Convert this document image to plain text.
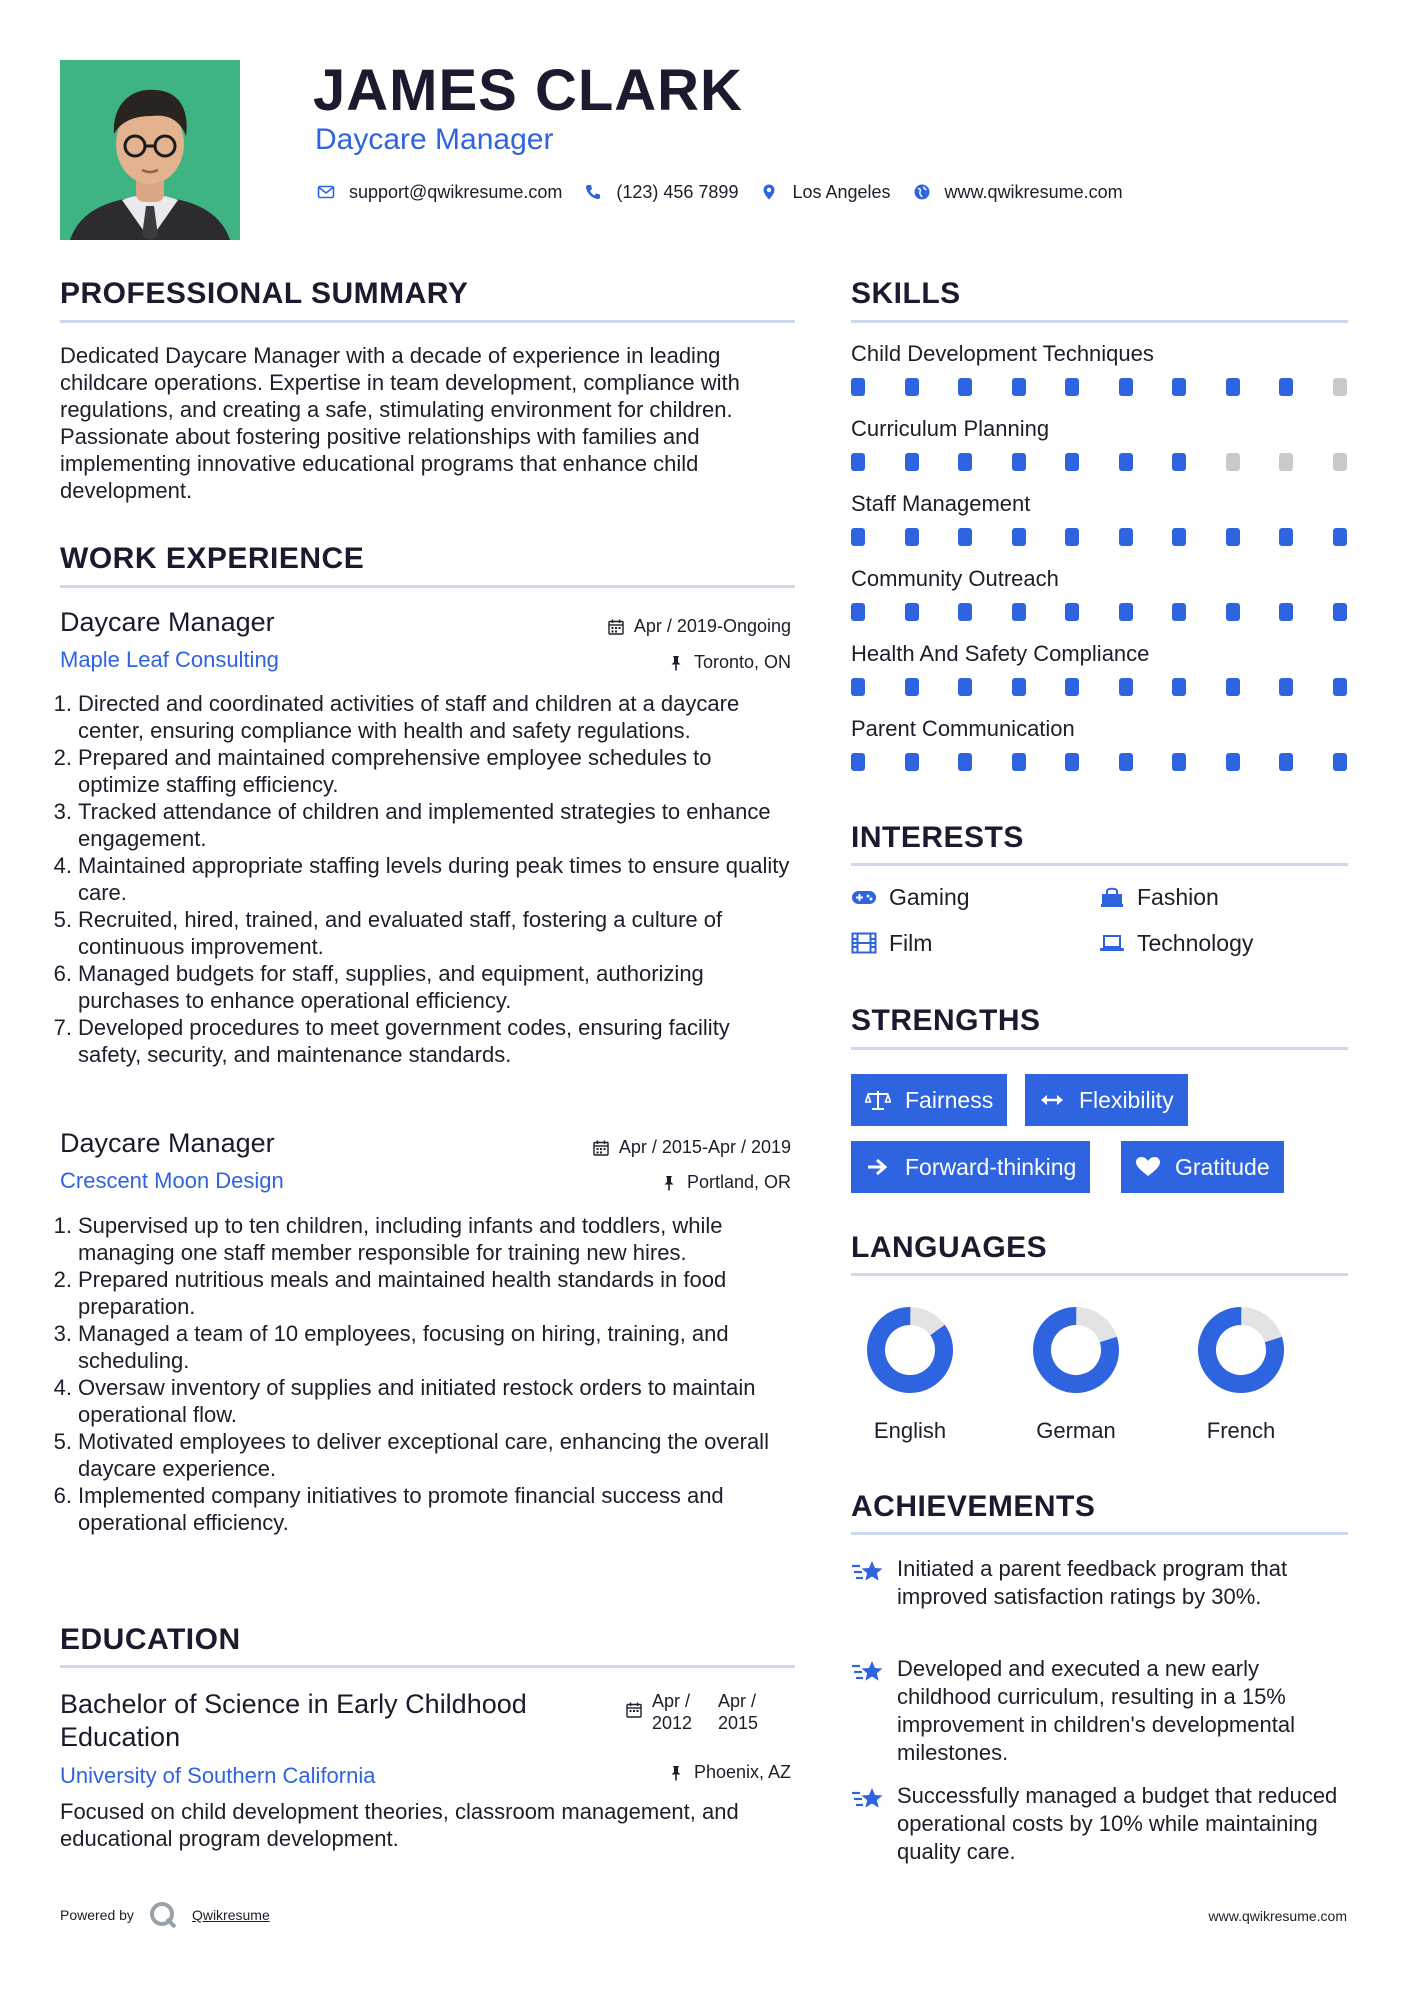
JAMES CLARK
Daycare Manager
support@qwikresume.com	(123) 456 7899	Los Angeles	www.qwikresume.com
PROFESSIONAL SUMMARY
Dedicated Daycare Manager with a decade of experience in leading childcare operations. Expertise in team development, compliance with regulations, and creating a safe, stimulating environment for children. Passionate about fostering positive relationships with families and implementing innovative educational programs that enhance child development.
WORK EXPERIENCE
Daycare Manager	Apr / 2019-Ongoing
Maple Leaf Consulting	Toronto, ON
1. Directed and coordinated activities of staff and children at a daycare center, ensuring compliance with health and safety regulations.
2. Prepared and maintained comprehensive employee schedules to optimize staffing efficiency.
3. Tracked attendance of children and implemented strategies to enhance engagement.
4. Maintained appropriate staffing levels during peak times to ensure quality care.
5. Recruited, hired, trained, and evaluated staff, fostering a culture of continuous improvement.
6. Managed budgets for staff, supplies, and equipment, authorizing purchases to enhance operational efficiency.
7. Developed procedures to meet government codes, ensuring facility safety, security, and maintenance standards.
Daycare Manager	Apr / 2015-Apr / 2019
Crescent Moon Design	Portland, OR
1. Supervised up to ten children, including infants and toddlers, while managing one staff member responsible for training new hires.
2. Prepared nutritious meals and maintained health standards in food preparation.
3. Managed a team of 10 employees, focusing on hiring, training, and scheduling.
4. Oversaw inventory of supplies and initiated restock orders to maintain operational flow.
5. Motivated employees to deliver exceptional care, enhancing the overall daycare experience.
6. Implemented company initiatives to promote financial success and operational efficiency.
EDUCATION
Bachelor of Science in Early Childhood Education
Apr / 2012
Apr / 2015
University of Southern California	Phoenix, AZ
Focused on child development theories, classroom management, and educational program development.
SKILLS
Child Development Techniques
Curriculum Planning
Staff Management
Community Outreach
Health And Safety Compliance
Parent Communication
INTERESTS
Gaming	Fashion
Film	Technology
STRENGTHS
Fairness	Flexibility
Forward-thinking	Gratitude
LANGUAGES
English	German	French
ACHIEVEMENTS
Initiated a parent feedback program that improved satisfaction ratings by 30%.
Developed and executed a new early childhood curriculum, resulting in a 15% improvement in children's developmental milestones.
Successfully managed a budget that reduced operational costs by 10% while maintaining quality care.
Powered by	Qwikresume	www.qwikresume.com
